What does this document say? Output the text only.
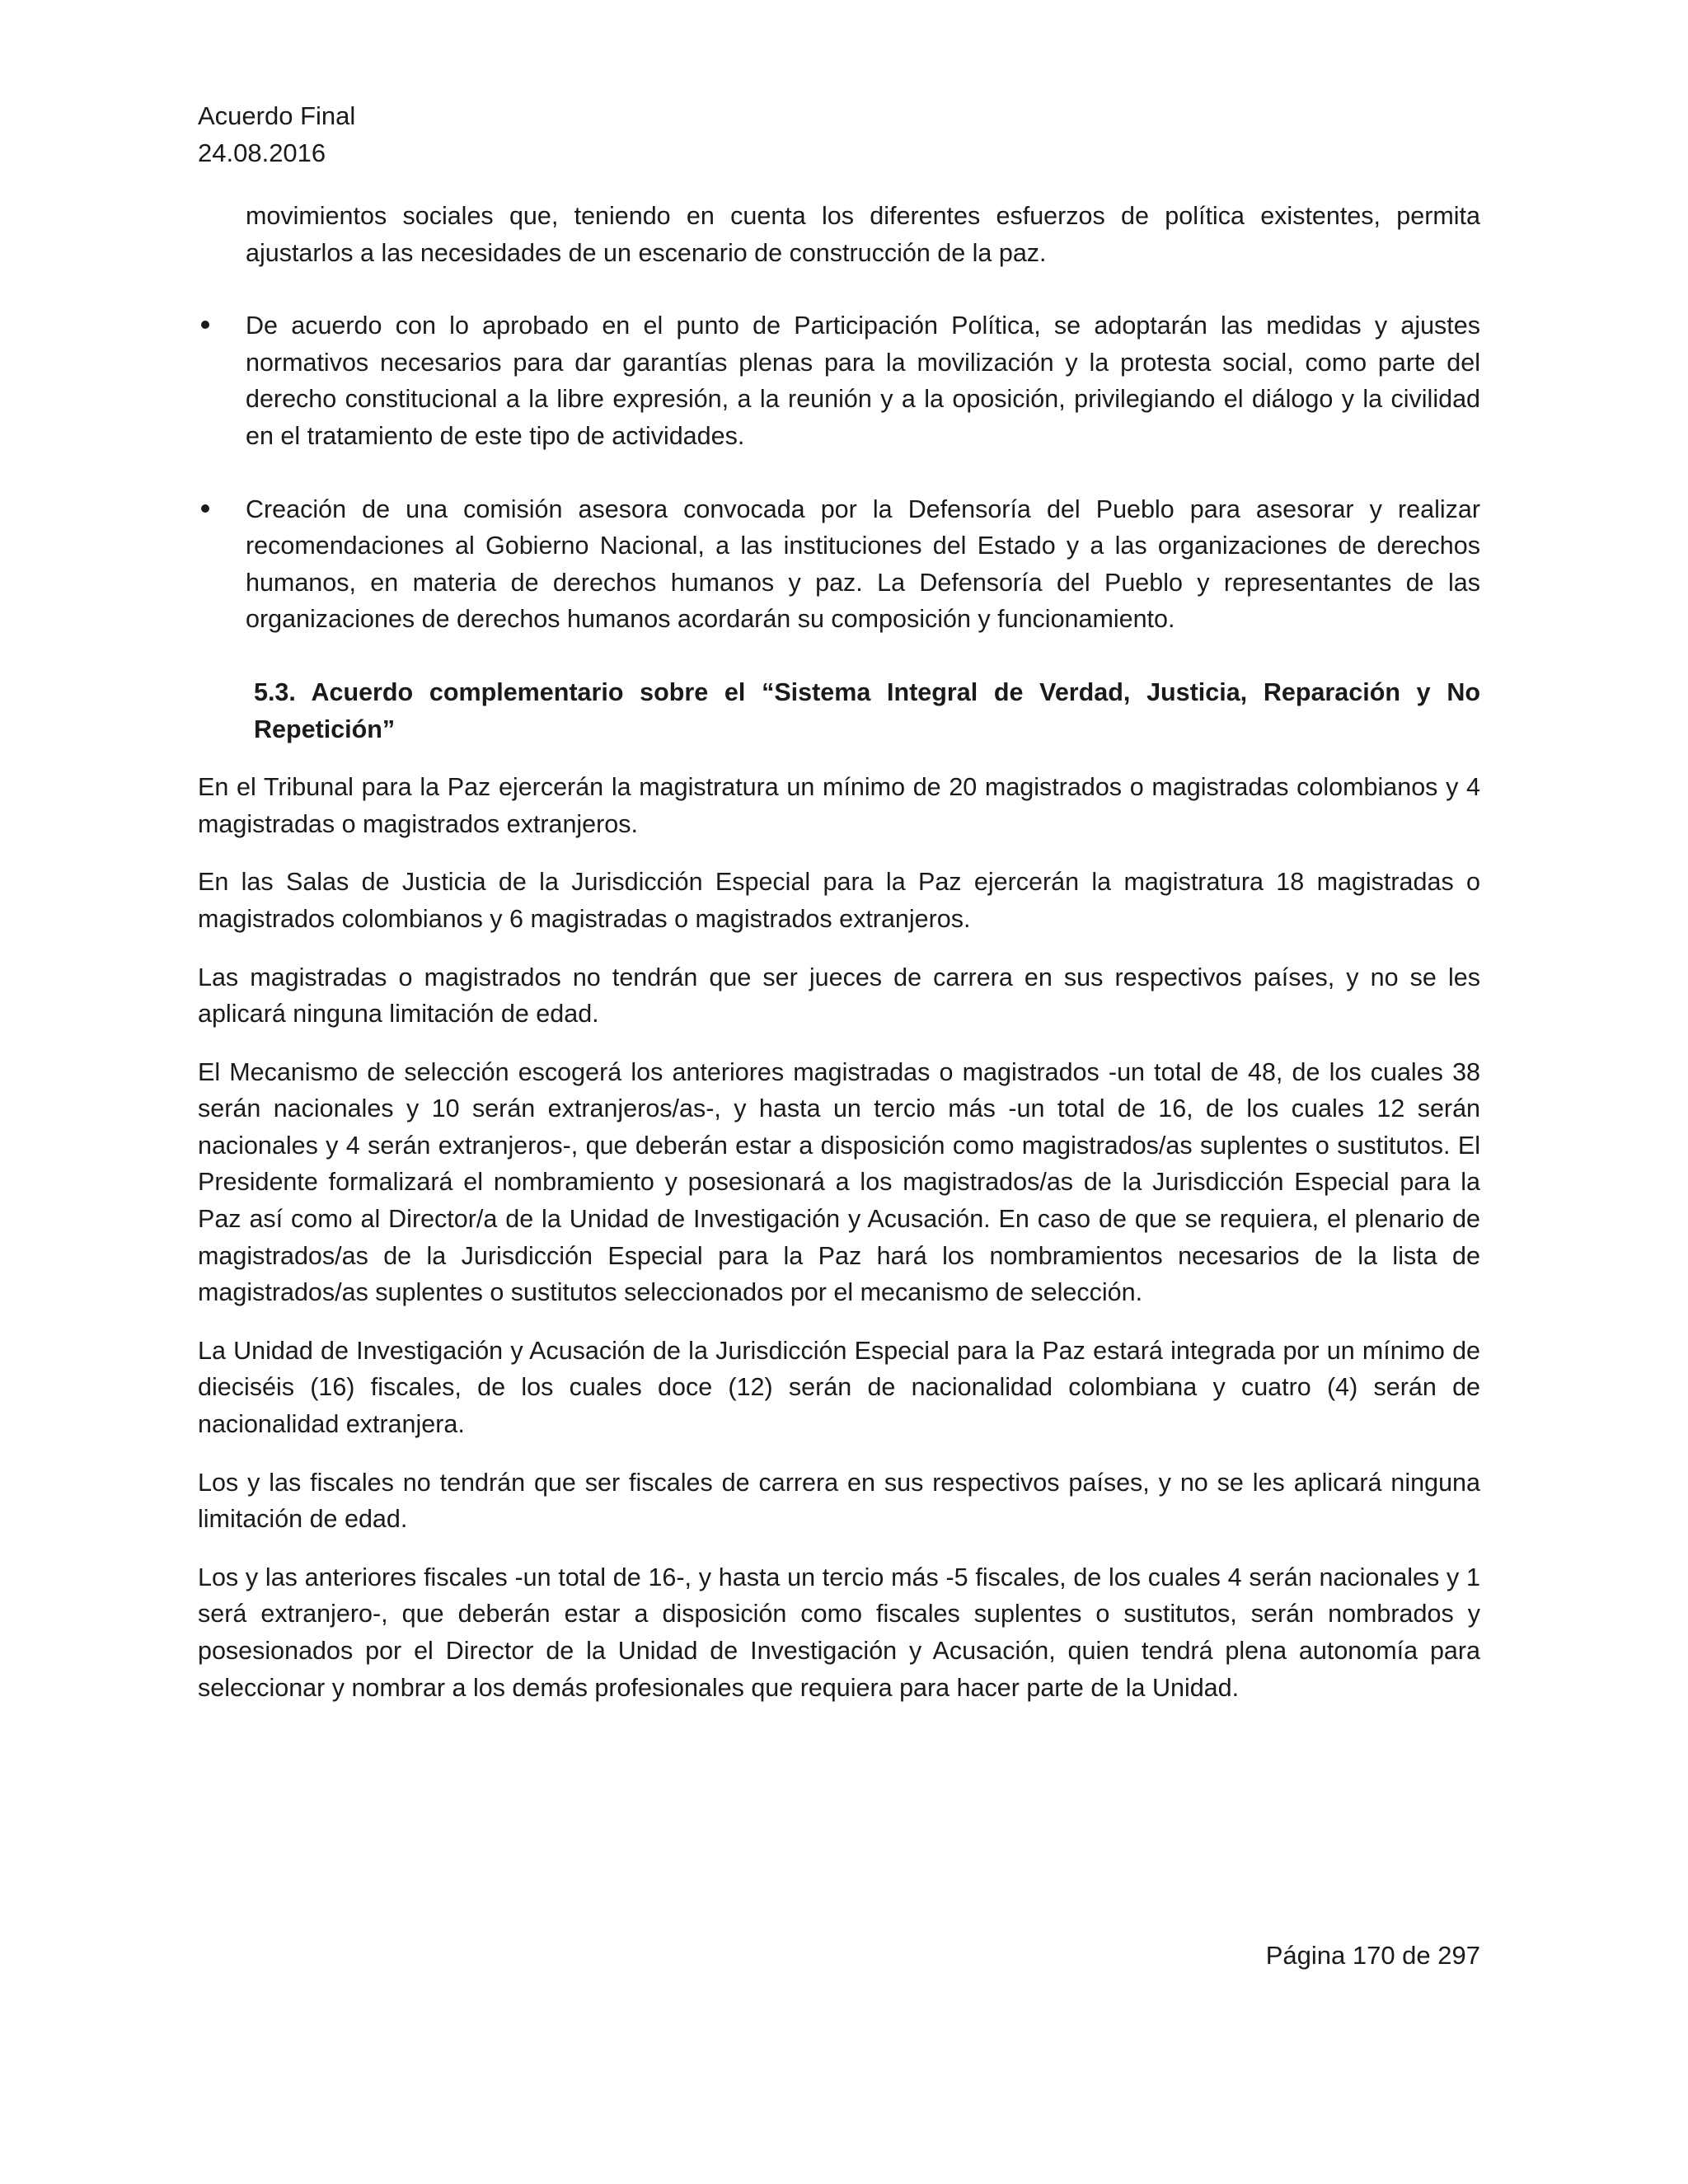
Acuerdo Final
24.08.2016

movimientos sociales que, teniendo en cuenta los diferentes esfuerzos de política existentes, permita ajustarlos a las necesidades de un escenario de construcción de la paz.

De acuerdo con lo aprobado en el punto de Participación Política, se adoptarán las medidas y ajustes normativos necesarios para dar garantías plenas para la movilización y la protesta social, como parte del derecho constitucional a la libre expresión, a la reunión y a la oposición, privilegiando el diálogo y la civilidad en el tratamiento de este tipo de actividades.

Creación de una comisión asesora convocada por la Defensoría del Pueblo para asesorar y realizar recomendaciones al Gobierno Nacional, a las instituciones del Estado y a las organizaciones de derechos humanos, en materia de derechos humanos y paz. La Defensoría del Pueblo y representantes de las organizaciones de derechos humanos acordarán su composición y funcionamiento.

5.3. Acuerdo complementario sobre el “Sistema Integral de Verdad, Justicia, Reparación y No Repetición”

En el Tribunal para la Paz ejercerán la magistratura un mínimo de 20 magistrados o magistradas colombianos y 4 magistradas o magistrados extranjeros.

En las Salas de Justicia de la Jurisdicción Especial para la Paz ejercerán la magistratura 18 magistradas o magistrados colombianos y 6 magistradas o magistrados extranjeros.

Las magistradas o magistrados no tendrán que ser jueces de carrera en sus respectivos países, y no se les aplicará ninguna limitación de edad.

El Mecanismo de selección escogerá los anteriores magistradas o magistrados -un total de 48, de los cuales 38 serán nacionales y 10 serán extranjeros/as-, y hasta un tercio más -un total de 16, de los cuales 12 serán nacionales y 4 serán extranjeros-, que deberán estar a disposición como magistrados/as suplentes o sustitutos. El Presidente formalizará el nombramiento y posesionará a los magistrados/as de la Jurisdicción Especial para la Paz así como al Director/a de la Unidad de Investigación y Acusación. En caso de que se requiera, el plenario de magistrados/as de la Jurisdicción Especial para la Paz hará los nombramientos necesarios de la lista de magistrados/as suplentes o sustitutos seleccionados por el mecanismo de selección.

La Unidad de Investigación y Acusación de la Jurisdicción Especial para la Paz estará integrada por un mínimo de dieciséis (16) fiscales, de los cuales doce (12) serán de nacionalidad colombiana y cuatro (4) serán de nacionalidad extranjera.

Los y las fiscales no tendrán que ser fiscales de carrera en sus respectivos países, y no se les aplicará ninguna limitación de edad.

Los y las anteriores fiscales -un total de 16-, y hasta un tercio más -5 fiscales, de los cuales 4 serán nacionales y 1 será extranjero-, que deberán estar a disposición como fiscales suplentes o sustitutos, serán nombrados y posesionados por el Director de la Unidad de Investigación y Acusación, quien tendrá plena autonomía para seleccionar y nombrar a los demás profesionales que requiera para hacer parte de la Unidad.

Página 170 de 297
